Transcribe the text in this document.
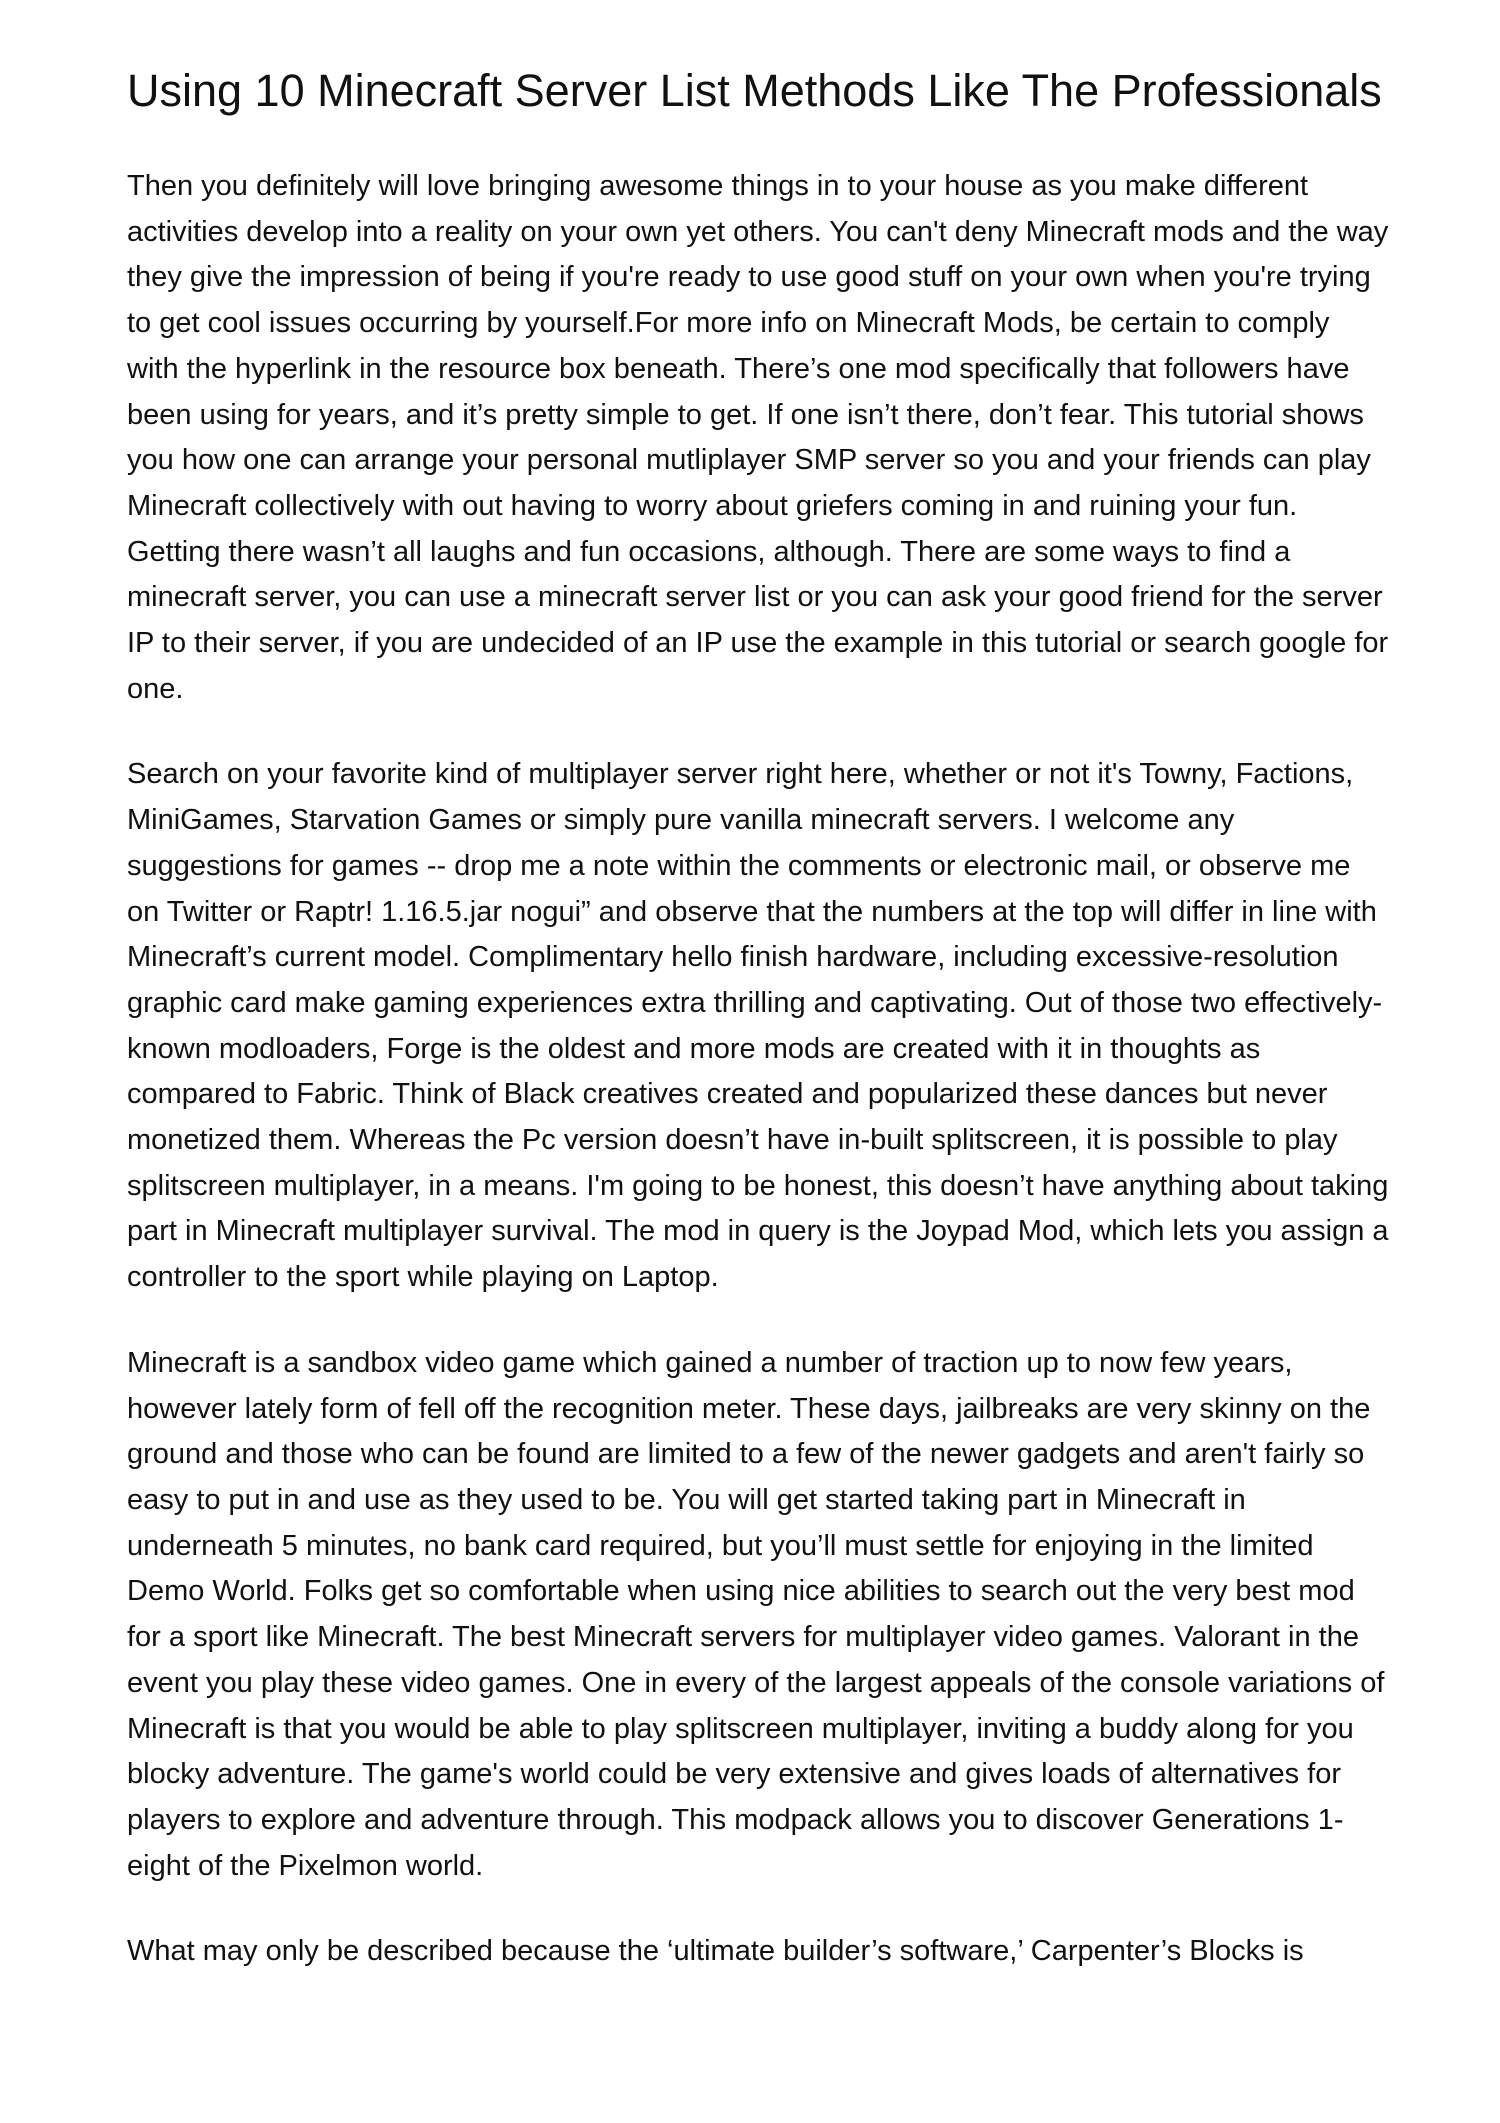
Using 10 Minecraft Server List Methods Like The Professionals

Then you definitely will love bringing awesome things in to your house as you make different activities develop into a reality on your own yet others. You can't deny Minecraft mods and the way they give the impression of being if you're ready to use good stuff on your own when you're trying to get cool issues occurring by yourself.For more info on Minecraft Mods, be certain to comply with the hyperlink in the resource box beneath. There’s one mod specifically that followers have been using for years, and it’s pretty simple to get. If one isn’t there, don’t fear. This tutorial shows you how one can arrange your personal mutliplayer SMP server so you and your friends can play Minecraft collectively with out having to worry about griefers coming in and ruining your fun. Getting there wasn’t all laughs and fun occasions, although. There are some ways to find a minecraft server, you can use a minecraft server list or you can ask your good friend for the server IP to their server, if you are undecided of an IP use the example in this tutorial or search google for one.

Search on your favorite kind of multiplayer server right here, whether or not it's Towny, Factions, MiniGames, Starvation Games or simply pure vanilla minecraft servers. I welcome any suggestions for games -- drop me a note within the comments or electronic mail, or observe me on Twitter or Raptr! 1.16.5.jar nogui” and observe that the numbers at the top will differ in line with Minecraft’s current model. Complimentary hello finish hardware, including excessive-resolution graphic card make gaming experiences extra thrilling and captivating. Out of those two effectively-known modloaders, Forge is the oldest and more mods are created with it in thoughts as compared to Fabric. Think of Black creatives created and popularized these dances but never monetized them. Whereas the Pc version doesn’t have in-built splitscreen, it is possible to play splitscreen multiplayer, in a means. I'm going to be honest, this doesn’t have anything about taking part in Minecraft multiplayer survival. The mod in query is the Joypad Mod, which lets you assign a controller to the sport while playing on Laptop.

Minecraft is a sandbox video game which gained a number of traction up to now few years, however lately form of fell off the recognition meter. These days, jailbreaks are very skinny on the ground and those who can be found are limited to a few of the newer gadgets and aren't fairly so easy to put in and use as they used to be. You will get started taking part in Minecraft in underneath 5 minutes, no bank card required, but you’ll must settle for enjoying in the limited Demo World. Folks get so comfortable when using nice abilities to search out the very best mod for a sport like Minecraft. The best Minecraft servers for multiplayer video games. Valorant in the event you play these video games. One in every of the largest appeals of the console variations of Minecraft is that you would be able to play splitscreen multiplayer, inviting a buddy along for you blocky adventure. The game's world could be very extensive and gives loads of alternatives for players to explore and adventure through. This modpack allows you to discover Generations 1-eight of the Pixelmon world.

What may only be described because the ‘ultimate builder’s software,’ Carpenter’s Blocks is
